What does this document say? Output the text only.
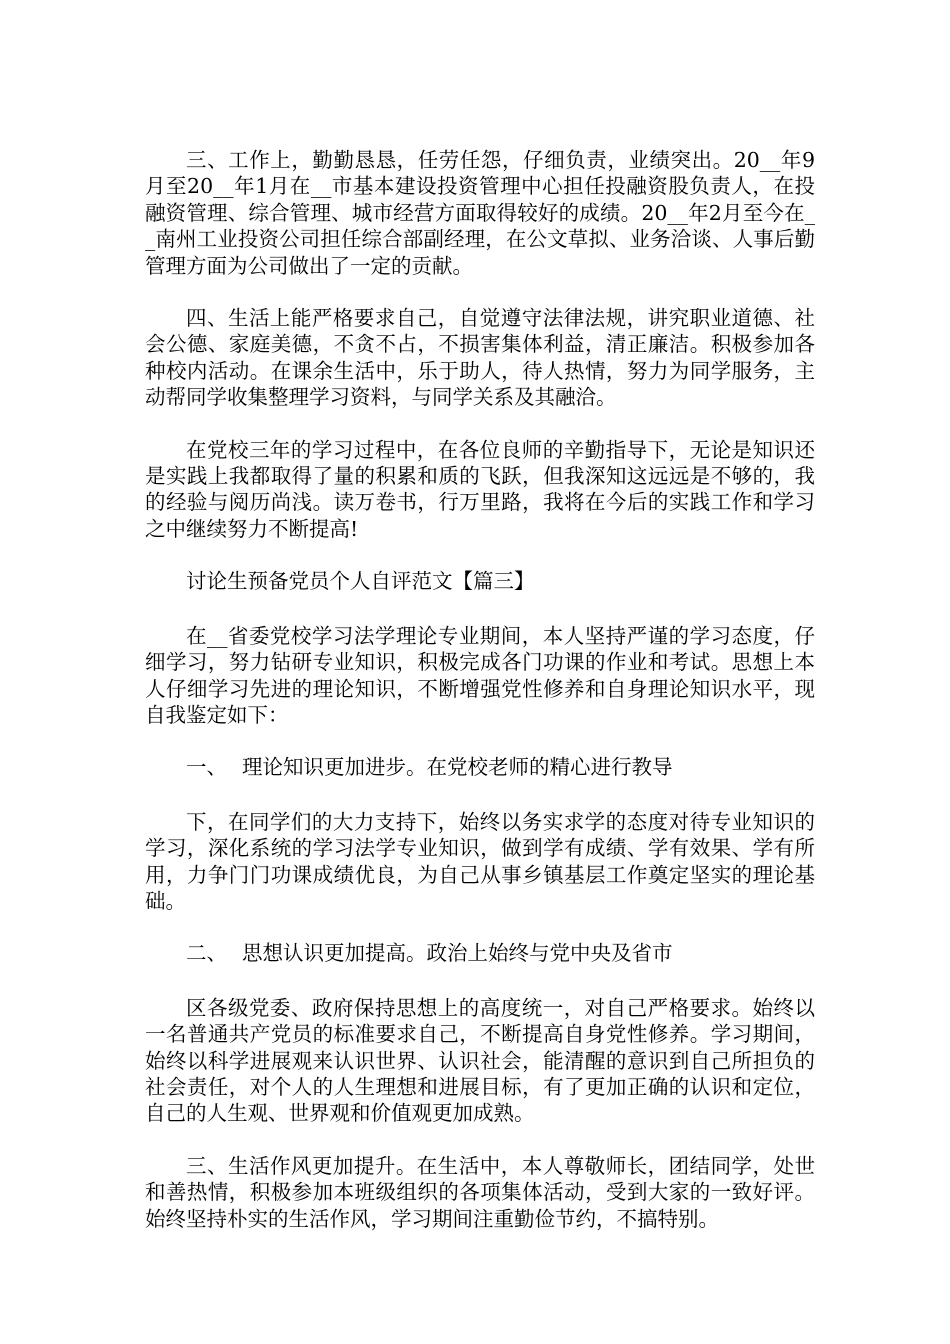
三、工作上，勤勤恳恳，任劳任怨，仔细负责，业绩突出。20__年9月至20__年1月在__市基本建设投资管理中心担任投融资股负责人，在投融资管理、综合管理、城市经营方面取得较好的成绩。20__年2月至今在__南州工业投资公司担任综合部副经理，在公文草拟、业务洽谈、人事后勤管理方面为公司做出了一定的贡献。

四、生活上能严格要求自己，自觉遵守法律法规，讲究职业道德、社会公德、家庭美德，不贪不占，不损害集体利益，清正廉洁。积极参加各种校内活动。在课余生活中，乐于助人，待人热情，努力为同学服务，主动帮同学收集整理学习资料，与同学关系及其融洽。

在党校三年的学习过程中，在各位良师的辛勤指导下，无论是知识还是实践上我都取得了量的积累和质的飞跃，但我深知这远远是不够的，我的经验与阅历尚浅。读万卷书，行万里路，我将在今后的实践工作和学习之中继续努力不断提高!

讨论生预备党员个人自评范文【篇三】

在__省委党校学习法学理论专业期间，本人坚持严谨的学习态度，仔细学习，努力钻研专业知识，积极完成各门功课的作业和考试。思想上本人仔细学习先进的理论知识，不断增强党性修养和自身理论知识水平，现自我鉴定如下：

一、 理论知识更加进步。在党校老师的精心进行教导

下，在同学们的大力支持下，始终以务实求学的态度对待专业知识的学习，深化系统的学习法学专业知识，做到学有成绩、学有效果、学有所用，力争门门功课成绩优良，为自己从事乡镇基层工作奠定坚实的理论基础。

二、 思想认识更加提高。政治上始终与党中央及省市

区各级党委、政府保持思想上的高度统一，对自己严格要求。始终以一名普通共产党员的标准要求自己，不断提高自身党性修养。学习期间，始终以科学进展观来认识世界、认识社会，能清醒的意识到自己所担负的社会责任，对个人的人生理想和进展目标，有了更加正确的认识和定位，自己的人生观、世界观和价值观更加成熟。

三、生活作风更加提升。在生活中，本人尊敬师长，团结同学，处世和善热情，积极参加本班级组织的各项集体活动，受到大家的一致好评。始终坚持朴实的生活作风，学习期间注重勤俭节约，不搞特别。
